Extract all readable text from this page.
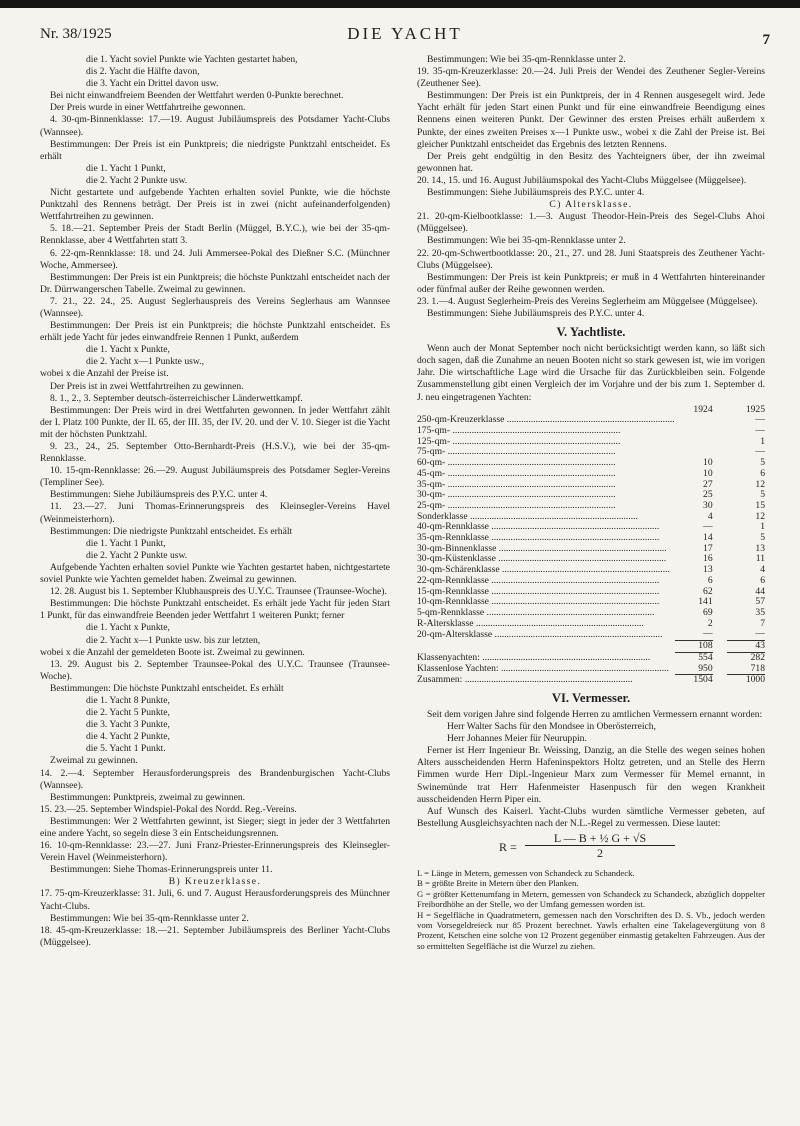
Nr. 38/1925	DIE YACHT	7

die 1. Yacht soviel Punkte wie Yachten gestartet haben,

dis 2. Yacht die Hälfte davon,

die 3. Yacht ein Drittel davon usw.

Bei nicht einwandfreiem Beenden der Wettfahrt werden 0-Punkte berechnet.

Der Preis wurde in einer Wettfahrtreihe gewonnen.

4. 30-qm-Binnenklasse: 17.—19. August Jubiläumspreis des Potsdamer Yacht-Clubs (Wannsee).

Bestimmungen: Der Preis ist ein Punktpreis; die niedrigste Punktzahl entscheidet. Es erhält

die 1. Yacht 1 Punkt,

die 2. Yacht 2 Punkte usw.

Nicht gestartete und aufgebende Yachten erhalten soviel Punkte, wie die höchste Punktzahl des Rennens beträgt. Der Preis ist in zwei (nicht aufeinanderfolgenden) Wettfahrtreihen zu gewinnen.

5. 18.—21. September Preis der Stadt Berlin (Müggel, B.Y.C.), wie bei der 35-qm-Rennklasse, aber 4 Wettfahrten statt 3.

6. 22-qm-Rennklasse: 18. und 24. Juli Ammersee-Pokal des Dießner S.C. (Münchner Woche, Ammersee).

Bestimmungen: Der Preis ist ein Punktpreis; die höchste Punktzahl entscheidet nach der Dr. Dürrwangerschen Tabelle. Zweimal zu gewinnen.

7. 21., 22. 24., 25. August Seglerhauspreis des Vereins Seglerhaus am Wannsee (Wannsee).

Bestimmungen: Der Preis ist ein Punktpreis; die höchste Punktzahl entscheidet. Es erhält jede Yacht für jedes einwandfreie Rennen 1 Punkt, außerdem

die 1. Yacht x Punkte,

die 2. Yacht x—1 Punkte usw.,

wobei x die Anzahl der Preise ist.

Der Preis ist in zwei Wettfahrtreihen zu gewinnen.

8. 1., 2., 3. September deutsch-österreichischer Länderwettkampf.

Bestimmungen: Der Preis wird in drei Wettfahrten gewonnen. In jeder Wettfahrt zählt der I. Platz 100 Punkte, der II. 65, der III. 35, der IV. 20. und der V. 10. Sieger ist die Yacht mit der höchsten Punktzahl.

9. 23., 24., 25. September Otto-Bernhardt-Preis (H.S.V.), wie bei der 35-qm-Rennklasse.

10. 15-qm-Rennklasse: 26.—29. August Jubiläumspreis des Potsdamer Segler-Vereins (Templiner See).

Bestimmungen: Siehe Jubiläumspreis des P.Y.C. unter 4.

11. 23.—27. Juni Thomas-Erinnerungspreis des Kleinsegler-Vereins Havel (Weinmeisterhorn).

Bestimmungen: Die niedrigste Punktzahl entscheidet. Es erhält

die 1. Yacht 1 Punkt,

die 2. Yacht 2 Punkte usw.

Aufgebende Yachten erhalten soviel Punkte wie Yachten gestartet haben, nichtgestartete soviel Punkte wie Yachten gemeldet haben. Zweimal zu gewinnen.

12. 28. August bis 1. September Klubhauspreis des U.Y.C. Traunsee (Traunsee-Woche).

Bestimmungen: Die höchste Punktzahl entscheidet. Es erhält jede Yacht für jeden Start 1 Punkt, für das einwandfreie Beenden jeder Wettfahrt 1 weiteren Punkt; ferner

die 1. Yacht x Punkte,

die 2. Yacht x—1 Punkte usw. bis zur letzten,

wobei x die Anzahl der gemeldeten Boote ist. Zweimal zu gewinnen.

13. 29. August bis 2. September Traunsee-Pokal des U.Y.C. Traunsee (Traunsee-Woche).

Bestimmungen: Die höchste Punktzahl entscheidet. Es erhält

die 1. Yacht 8 Punkte,

die 2. Yacht 5 Punkte,

die 3. Yacht 3 Punkte,

die 4. Yacht 2 Punkte,

die 5. Yacht 1 Punkt.

Zweimal zu gewinnen.

14. 2.—4. September Herausforderungspreis des Brandenburgischen Yacht-Clubs (Wannsee).

Bestimmungen: Punktpreis, zweimal zu gewinnen.

15. 23.—25. September Windspiel-Pokal des Nordd. Reg.-Vereins.

Bestimmungen: Wer 2 Wettfahrten gewinnt, ist Sieger; siegt in jeder der 3 Wettfahrten eine andere Yacht, so segeln diese 3 ein Entscheidungsrennen.

16. 10-qm-Rennklasse: 23.—27. Juni Franz-Priester-Erinnerungspreis des Kleinsegler-Verein Havel (Weinmeisterhorn).

Bestimmungen: Siehe Thomas-Erinnerungspreis unter 11.

B) Kreuzerklasse.

17. 75-qm-Kreuzerklasse: 31. Juli, 6. und 7. August Herausforderungspreis des Münchner Yacht-Clubs.

Bestimmungen: Wie bei 35-qm-Rennklasse unter 2.

18. 45-qm-Kreuzerklasse: 18.—21. September Jubiläumspreis des Berliner Yacht-Clubs (Müggelsee).

Bestimmungen: Wie bei 35-qm-Rennklasse unter 2.

19. 35-qm-Kreuzerklasse: 20.—24. Juli Preis der Wendei des Zeuthener Segler-Vereins (Zeuthener See).

Bestimmungen: Der Preis ist ein Punktpreis, der in 4 Rennen ausgesegelt wird. Jede Yacht erhält für jeden Start einen Punkt und für eine einwandfreie Beendigung eines Rennens einen weiteren Punkt. Der Gewinner des ersten Preises erhält außerdem x Punkte, der eines zweiten Preises x—1 Punkte usw., wobei x die Zahl der Preise ist. Bei gleicher Punktzahl entscheidet das Ergebnis des letzten Rennens.

Der Preis geht endgültig in den Besitz des Yachteigners über, der ihn zweimal gewonnen hat.

20. 14., 15. und 16. August Jubiläumspokal des Yacht-Clubs Müggelsee (Müggelsee).

Bestimmungen: Siehe Jubiläumspreis des P.Y.C. unter 4.

C) Altersklasse.

21. 20-qm-Kielbootklasse: 1.—3. August Theodor-Hein-Preis des Segel-Clubs Ahoi (Müggelsee).

Bestimmungen: Wie bei 35-qm-Rennklasse unter 2.

22. 20-qm-Schwertbootklasse: 20., 21., 27. und 28. Juni Staatspreis des Zeuthener Yacht-Clubs (Müggelsee).

Bestimmungen: Der Preis ist kein Punktpreis; er muß in 4 Wettfahrten hintereinander oder fünfmal außer der Reihe gewonnen werden.

23. 1.—4. August Seglerheim-Preis des Vereins Seglerheim am Müggelsee (Müggelsee).

Bestimmungen: Siehe Jubiläumspreis des P.Y.C. unter 4.

V. Yachtliste.

Wenn auch der Monat September noch nicht berücksichtigt werden kann, so läßt sich doch sagen, daß die Zunahme an neuen Booten nicht so stark gewesen ist, wie im vorigen Jahr. Die wirtschaftliche Lage wird die Ursache für das Zurückbleiben sein. Folgende Zusammenstellung gibt einen Vergleich der im Vorjahre und der bis zum 1. September d. J. neu eingetragenen Yachten:

	1924		1925
250-qm-Kreuzerklasse ......................................................................			—
175-qm- ......................................................................			—
125-qm- ......................................................................			1
75-qm- ......................................................................			—
60-qm- ......................................................................	10		5
45-qm- ......................................................................	10		6
35-qm- ......................................................................	27		12
30-qm- ......................................................................	25		5
25-qm- ......................................................................	30		15
Sonderklasse ......................................................................	4		12
40-qm-Rennklasse ......................................................................	—		1
35-qm-Rennklasse ......................................................................	14		5
30-qm-Binnenklasse ......................................................................	17		13
30-qm-Küstenklasse ......................................................................	16		11
30-qm-Schärenklasse ......................................................................	13		4
22-qm-Rennklasse ......................................................................	6		6
15-qm-Rennklasse ......................................................................	62		44
10-qm-Rennklasse ......................................................................	141		57
5-qm-Rennklasse ......................................................................	69		35
R-Altersklasse ......................................................................	2		7
20-qm-Altersklasse ......................................................................	—		—
	108		43
Klassenyachten: ......................................................................	554		282
Klassenlose Yachten: ......................................................................	950		718
Zusammen: ......................................................................	1504		1000
VI. Vermesser.

Seit dem vorigen Jahre sind folgende Herren zu amtlichen Vermessern ernannt worden:

Herr Walter Sachs für den Mondsee in Oberösterreich,

Herr Johannes Meier für Neuruppin.

Ferner ist Herr Ingenieur Br. Weissing, Danzig, an die Stelle des wegen seines hohen Alters ausscheidenden Herrn Hafeninspektors Holtz getreten, und an Stelle des Herrn Fimmen wurde Herr Dipl.-Ingenieur Marx zum Vermesser für Memel ernannt, in Swinemünde trat Herr Hafenmeister Hasenpusch für den wegen Krankheit ausscheidenden Herrn Piper ein.

Auf Wunsch des Kaiserl. Yacht-Clubs wurden sämtliche Vermesser gebeten, auf Bestellung Ausgleichsyachten nach der N.L.-Regel zu vermessen. Diese lautet:

$R = \frac{\text{L — B + ½ G + √S}}{2}$

L = Länge in Metern, gemessen von Schandeck zu Schandeck.

B = größte Breite in Metern über den Planken.

G = größter Kettenumfang in Metern, gemessen von Schandeck zu Schandeck, abzüglich doppelter Freibordhöhe an der Stelle, wo der Umfang gemessen worden ist.

H = Segelfläche in Quadratmetern, gemessen nach den Vorschriften des D. S. Vb., jedoch werden vom Vorsegeldreieck nur 85 Prozent berechnet. Yawls erhalten eine Takelagevergütung von 8 Prozent, Ketschen eine solche von 12 Prozent gegenüber einmastig getakelten Fahrzeugen. Aus der so ermittelten Segelfläche ist die Wurzel zu ziehen.
